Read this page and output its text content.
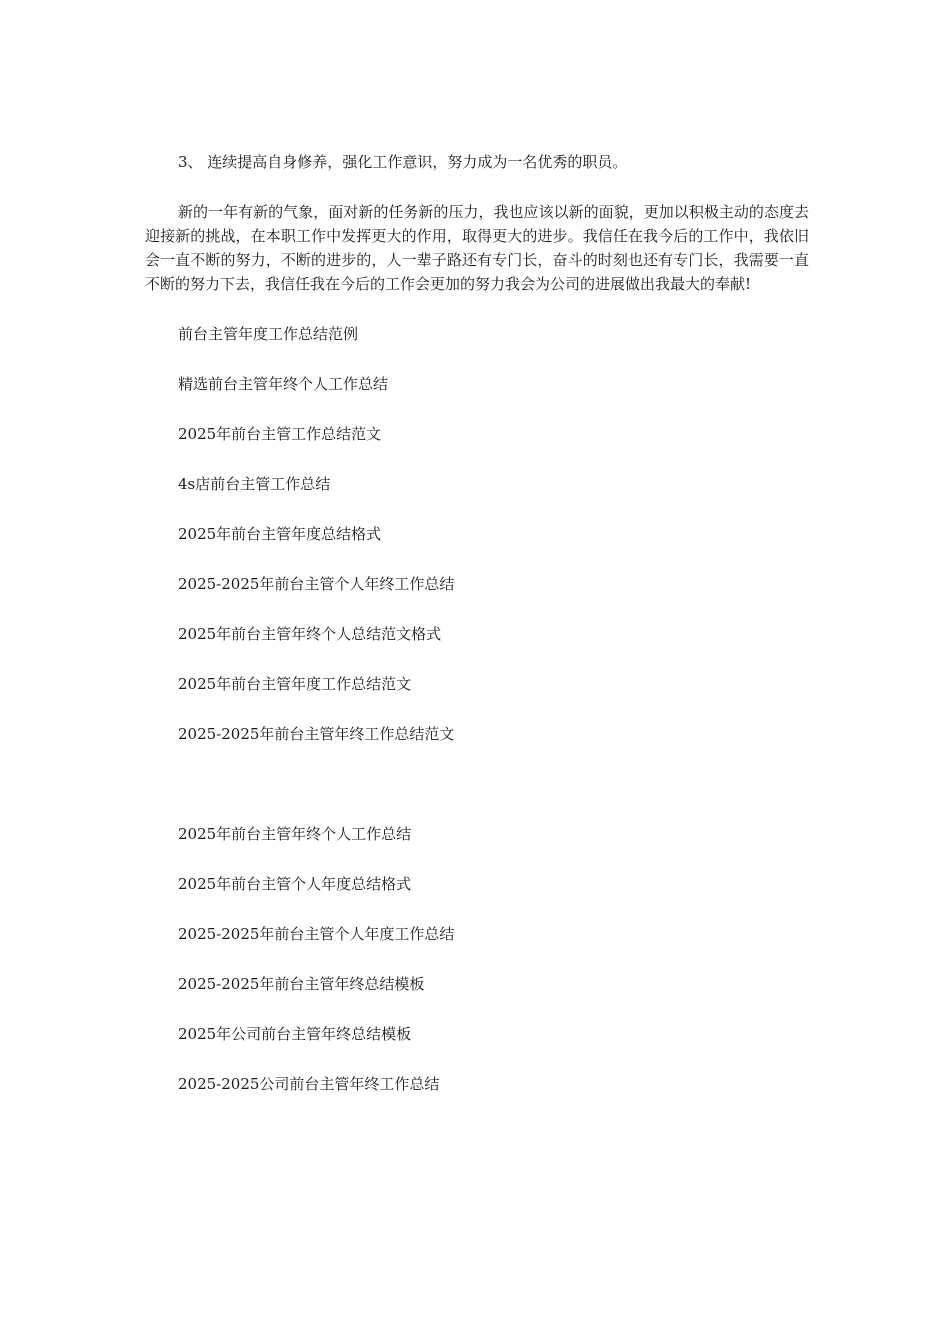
3、 连续提高自身修养，强化工作意识，努力成为一名优秀的职员。

新的一年有新的气象，面对新的任务新的压力，我也应该以新的面貌，更加以积极主动的态度去迎接新的挑战，在本职工作中发挥更大的作用，取得更大的进步。我信任在我今后的工作中，我依旧会一直不断的努力，不断的进步的，人一辈子路还有专门长，奋斗的时刻也还有专门长，我需要一直不断的努力下去，我信任我在今后的工作会更加的努力我会为公司的进展做出我最大的奉献!

前台主管年度工作总结范例
精选前台主管年终个人工作总结
2025年前台主管工作总结范文
4s店前台主管工作总结
2025年前台主管年度总结格式
2025-2025年前台主管个人年终工作总结
2025年前台主管年终个人总结范文格式
2025年前台主管年度工作总结范文
2025-2025年前台主管年终工作总结范文
2025年前台主管年终个人工作总结
2025年前台主管个人年度总结格式
2025-2025年前台主管个人年度工作总结
2025-2025年前台主管年终总结模板
2025年公司前台主管年终总结模板
2025-2025公司前台主管年终工作总结
